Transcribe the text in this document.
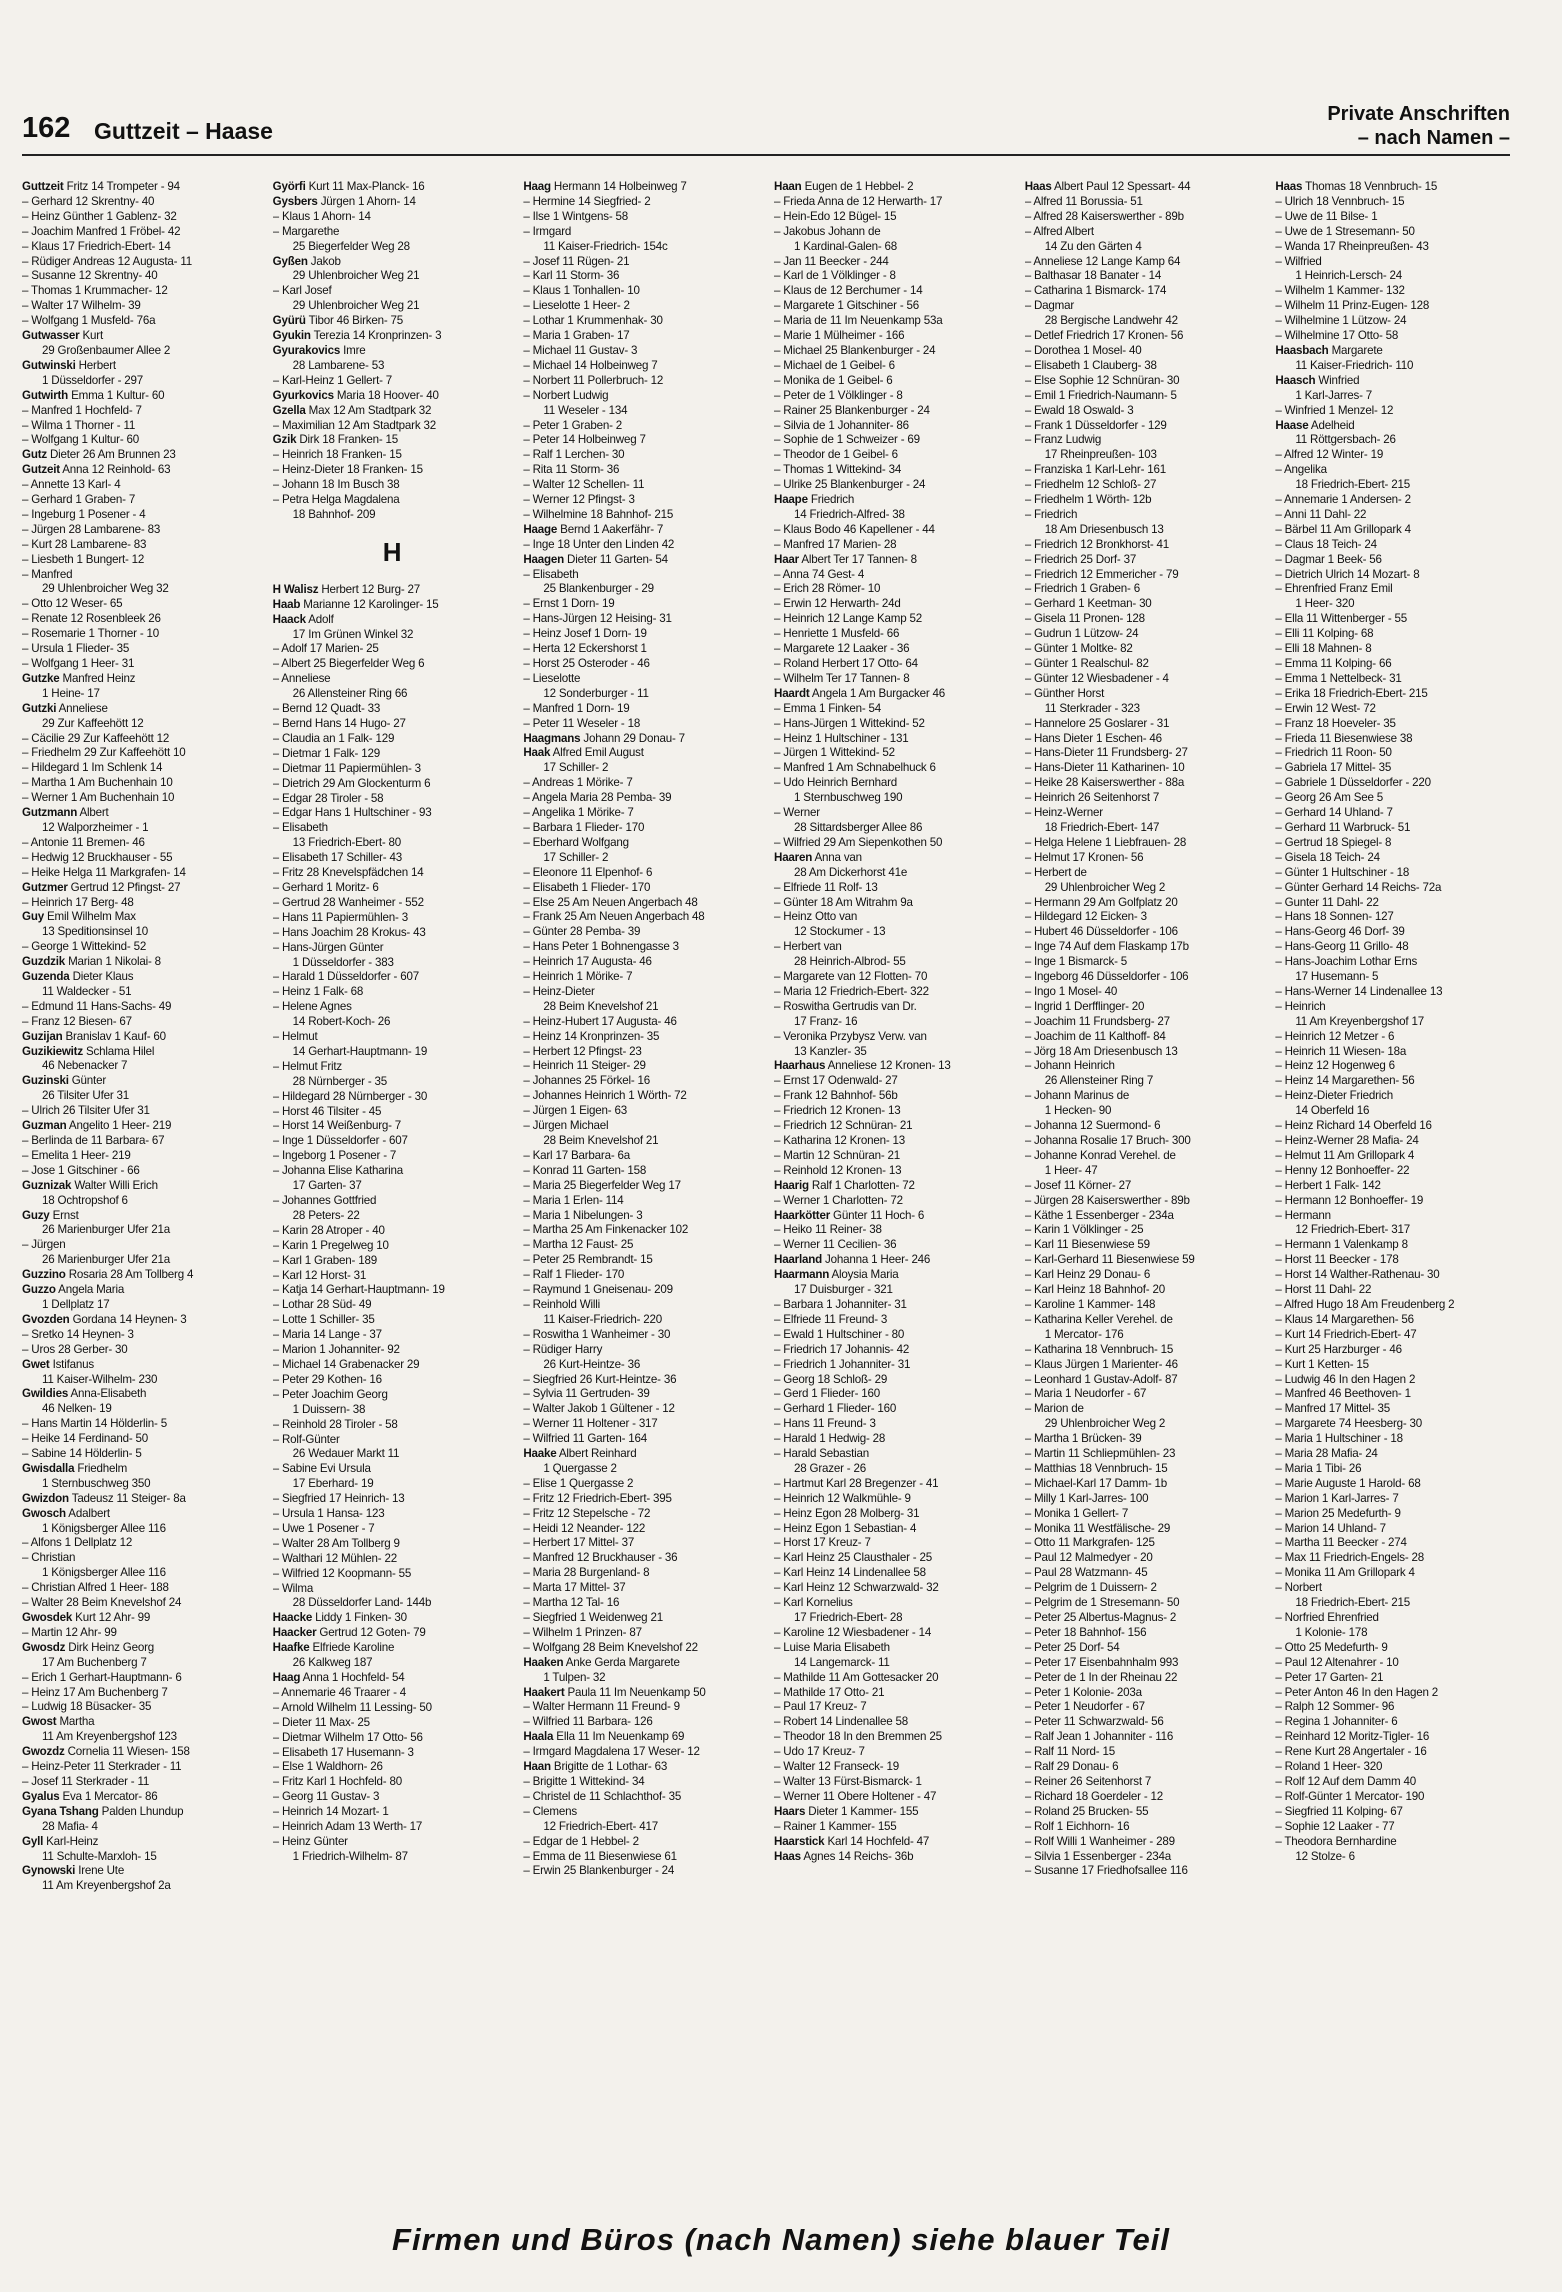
162 Guttzeit – Haase
Private Anschriften
– nach Namen –
Guttzeit Fritz 14 Trompeter - 94
– Gerhard 12 Skrentny- 40
– Heinz Günther 1 Gablenz- 32
– Joachim Manfred 1 Fröbel- 42
– Klaus 17 Friedrich-Ebert- 14
– Rüdiger Andreas 12 Augusta- 11
– Susanne 12 Skrentny- 40
– Thomas 1 Krummacher- 12
– Walter 17 Wilhelm- 39
– Wolfgang 1 Musfeld- 76a
Gutwasser Kurt
29 Großenbaumer Allee 2
Gutwinski Herbert
1 Düsseldorfer - 297
Gutwirth Emma 1 Kultur- 60
– Manfred 1 Hochfeld- 7
– Wilma 1 Thorner - 11
– Wolfgang 1 Kultur- 60
Gutz Dieter 26 Am Brunnen 23
Gutzeit Anna 12 Reinhold- 63
– Annette 13 Karl- 4
– Gerhard 1 Graben- 7
– Ingeburg 1 Posener - 4
– Jürgen 28 Lambarene- 83
– Kurt 28 Lambarene- 83
– Liesbeth 1 Bungert- 12
– Manfred
29 Uhlenbroicher Weg 32
– Otto 12 Weser- 65
– Renate 12 Rosenbleek 26
– Rosemarie 1 Thorner - 10
– Ursula 1 Flieder- 35
– Wolfgang 1 Heer- 31
Gutzke Manfred Heinz
1 Heine- 17
Gutzki Anneliese
29 Zur Kaffeehött 12
– Cäcilie 29 Zur Kaffeehött 12
– Friedhelm 29 Zur Kaffeehött 10
– Hildegard 1 Im Schlenk 14
– Martha 1 Am Buchenhain 10
– Werner 1 Am Buchenhain 10
Gutzmann Albert
12 Walporzheimer - 1
– Antonie 11 Bremen- 46
– Hedwig 12 Bruckhauser - 55
– Heike Helga 11 Markgrafen- 14
Gutzmer Gertrud 12 Pfingst- 27
– Heinrich 17 Berg- 48
Guy Emil Wilhelm Max
13 Speditionsinsel 10
– George 1 Wittekind- 52
Guzdzik Marian 1 Nikolai- 8
Guzenda Dieter Klaus
11 Waldecker - 51
– Edmund 11 Hans-Sachs- 49
– Franz 12 Biesen- 67
Guzijan Branislav 1 Kauf- 60
Guzikiewitz Schlama Hilel
46 Nebenacker 7
Guzinski Günter
26 Tilsiter Ufer 31
– Ulrich 26 Tilsiter Ufer 31
Guzman Angelito 1 Heer- 219
– Berlinda de 11 Barbara- 67
– Emelita 1 Heer- 219
– Jose 1 Gitschiner - 66
Guznizak Walter Willi Erich
18 Ochtropshof 6
Guzy Ernst
26 Marienburger Ufer 21a
– Jürgen
26 Marienburger Ufer 21a
Guzzino Rosaria 28 Am Tollberg 4
Guzzo Angela Maria
1 Dellplatz 17
Gvozden Gordana 14 Heynen- 3
– Sretko 14 Heynen- 3
– Uros 28 Gerber- 30
Gwet Istifanus
11 Kaiser-Wilhelm- 230
Gwildies Anna-Elisabeth
46 Nelken- 19
– Hans Martin 14 Hölderlin- 5
– Heike 14 Ferdinand- 50
– Sabine 14 Hölderlin- 5
Gwisdalla Friedhelm
1 Sternbuschweg 350
Gwizdon Tadeusz 11 Steiger- 8a
Gwosch Adalbert
1 Königsberger Allee 116
– Alfons 1 Dellplatz 12
– Christian
1 Königsberger Allee 116
– Christian Alfred 1 Heer- 188
– Walter 28 Beim Knevelshof 24
Gwosdek Kurt 12 Ahr- 99
– Martin 12 Ahr- 99
Gwosdz Dirk Heinz Georg
17 Am Buchenberg 7
– Erich 1 Gerhart-Hauptmann- 6
– Heinz 17 Am Buchenberg 7
– Ludwig 18 Büsacker- 35
Gwost Martha
11 Am Kreyenbergshof 123
Gwozdz Cornelia 11 Wiesen- 158
– Heinz-Peter 11 Sterkrader - 11
– Josef 11 Sterkrader - 11
Gyalus Eva 1 Mercator- 86
Gyana Tshang Palden Lhundup
28 Mafia- 4
Gyll Karl-Heinz
11 Schulte-Marxloh- 15
Gynowski Irene Ute
11 Am Kreyenbergshof 2a
Györfi Kurt 11 Max-Planck- 16
Gysbers Jürgen 1 Ahorn- 14
– Klaus 1 Ahorn- 14
– Margarethe
25 Biegerfelder Weg 28
Gyßen Jakob
29 Uhlenbroicher Weg 21
– Karl Josef
29 Uhlenbroicher Weg 21
Gyürü Tibor 46 Birken- 75
Gyukin Terezia 14 Kronprinzen- 3
Gyurakovics Imre
28 Lambarene- 53
– Karl-Heinz 1 Gellert- 7
Gyurkovics Maria 18 Hoover- 40
Gzella Max 12 Am Stadtpark 32
– Maximilian 12 Am Stadtpark 32
Gzik Dirk 18 Franken- 15
– Heinrich 18 Franken- 15
– Heinz-Dieter 18 Franken- 15
– Johann 18 Im Busch 38
– Petra Helga Magdalena
18 Bahnhof- 209
H
H Walisz Herbert 12 Burg- 27
Haab Marianne 12 Karolinger- 15
Haack Adolf
17 Im Grünen Winkel 32
– Adolf 17 Marien- 25
– Albert 25 Biegerfelder Weg 6
– Anneliese
26 Allensteiner Ring 66
– Bernd 12 Quadt- 33
– Bernd Hans 14 Hugo- 27
– Claudia an 1 Falk- 129
– Dietmar 1 Falk- 129
– Dietmar 11 Papiermühlen- 3
– Dietrich 29 Am Glockenturm 6
– Edgar 28 Tiroler - 58
– Edgar Hans 1 Hultschiner - 93
– Elisabeth
13 Friedrich-Ebert- 80
– Elisabeth 17 Schiller- 43
– Fritz 28 Knevelspfädchen 14
– Gerhard 1 Moritz- 6
– Gertrud 28 Wanheimer - 552
– Hans 11 Papiermühlen- 3
– Hans Joachim 28 Krokus- 43
– Hans-Jürgen Günter
1 Düsseldorfer - 383
– Harald 1 Düsseldorfer - 607
– Heinz 1 Falk- 68
– Helene Agnes
14 Robert-Koch- 26
– Helmut
14 Gerhart-Hauptmann- 19
– Helmut Fritz
28 Nürnberger - 35
– Hildegard 28 Nürnberger - 30
– Horst 46 Tilsiter - 45
– Horst 14 Weißenburg- 7
– Inge 1 Düsseldorfer - 607
– Ingeborg 1 Posener - 7
– Johanna Elise Katharina
17 Garten- 37
– Johannes Gottfried
28 Peters- 22
– Karin 28 Atroper - 40
– Karin 1 Pregelweg 10
– Karl 1 Graben- 189
– Karl 12 Horst- 31
– Katja 14 Gerhart-Hauptmann- 19
– Lothar 28 Süd- 49
– Lotte 1 Schiller- 35
– Maria 14 Lange - 37
– Marion 1 Johanniter- 92
– Michael 14 Grabenacker 29
– Peter 29 Kothen- 16
– Peter Joachim Georg
1 Duissern- 38
– Reinhold 28 Tiroler - 58
– Rolf-Günter
26 Wedauer Markt 11
– Sabine Evi Ursula
17 Eberhard- 19
– Siegfried 17 Heinrich- 13
– Ursula 1 Hansa- 123
– Uwe 1 Posener - 7
– Walter 28 Am Tollberg 9
– Walthari 12 Mühlen- 22
– Wilfried 12 Koopmann- 55
– Wilma
28 Düsseldorfer Land- 144b
Haacke Liddy 1 Finken- 30
Haacker Gertrud 12 Goten- 79
Haafke Elfriede Karoline
26 Kalkweg 187
Haag Anna 1 Hochfeld- 54
– Annemarie 46 Traarer - 4
– Arnold Wilhelm 11 Lessing- 50
– Dieter 11 Max- 25
– Dietmar Wilhelm 17 Otto- 56
– Elisabeth 17 Husemann- 3
– Else 1 Waldhorn- 26
– Fritz Karl 1 Hochfeld- 80
– Georg 11 Gustav- 3
– Heinrich 14 Mozart- 1
– Heinrich Adam 13 Werth- 17
– Heinz Günter
1 Friedrich-Wilhelm- 87
Haag Hermann 14 Holbeinweg 7
– Hermine 14 Siegfried- 2
– Ilse 1 Wintgens- 58
– Irmgard
11 Kaiser-Friedrich- 154c
– Josef 11 Rügen- 21
– Karl 11 Storm- 36
– Klaus 1 Tonhallen- 10
– Lieselotte 1 Heer- 2
– Lothar 1 Krummenhak- 30
– Maria 1 Graben- 17
– Michael 11 Gustav- 3
– Michael 14 Holbeinweg 7
– Norbert 11 Pollerbruch- 12
– Norbert Ludwig
11 Weseler - 134
– Peter 1 Graben- 2
– Peter 14 Holbeinweg 7
– Ralf 1 Lerchen- 30
– Rita 11 Storm- 36
– Walter 12 Schellen- 11
– Werner 12 Pfingst- 3
– Wilhelmine 18 Bahnhof- 215
Haage Bernd 1 Aakerfähr- 7
– Inge 18 Unter den Linden 42
Haagen Dieter 11 Garten- 54
– Elisabeth
25 Blankenburger - 29
– Ernst 1 Dorn- 19
– Hans-Jürgen 12 Heising- 31
– Heinz Josef 1 Dorn- 19
– Herta 12 Eckershorst 1
– Horst 25 Osteroder - 46
– Lieselotte
12 Sonderburger - 11
– Manfred 1 Dorn- 19
– Peter 11 Weseler - 18
Haagmans Johann 29 Donau- 7
Haak Alfred Emil August
17 Schiller- 2
– Andreas 1 Mörike- 7
– Angela Maria 28 Pemba- 39
– Angelika 1 Mörike- 7
– Barbara 1 Flieder- 170
– Eberhard Wolfgang
17 Schiller- 2
– Eleonore 11 Elpenhof- 6
– Elisabeth 1 Flieder- 170
– Else 25 Am Neuen Angerbach 48
– Frank 25 Am Neuen Angerbach 48
– Günter 28 Pemba- 39
– Hans Peter 1 Bohnengasse 3
– Heinrich 17 Augusta- 46
– Heinrich 1 Mörike- 7
– Heinz-Dieter
28 Beim Knevelshof 21
– Heinz-Hubert 17 Augusta- 46
– Heinz 14 Kronprinzen- 35
– Herbert 12 Pfingst- 23
– Heinrich 11 Steiger- 29
– Johannes 25 Förkel- 16
– Johannes Heinrich 1 Wörth- 72
– Jürgen 1 Eigen- 63
– Jürgen Michael
28 Beim Knevelshof 21
– Karl 17 Barbara- 6a
– Konrad 11 Garten- 158
– Maria 25 Biegerfelder Weg 17
– Maria 1 Erlen- 114
– Maria 1 Nibelungen- 3
– Martha 25 Am Finkenacker 102
– Martha 12 Faust- 25
– Peter 25 Rembrandt- 15
– Ralf 1 Flieder- 170
– Raymund 1 Gneisenau- 209
– Reinhold Willi
11 Kaiser-Friedrich- 220
– Roswitha 1 Wanheimer - 30
– Rüdiger Harry
26 Kurt-Heintze- 36
– Siegfried 26 Kurt-Heintze- 36
– Sylvia 11 Gertruden- 39
– Walter Jakob 1 Gültener - 12
– Werner 11 Holtener - 317
– Wilfried 11 Garten- 164
Haake Albert Reinhard
1 Quergasse 2
– Elise 1 Quergasse 2
– Fritz 12 Friedrich-Ebert- 395
– Fritz 12 Stepelsche - 72
– Heidi 12 Neander- 122
– Herbert 17 Mittel- 37
– Manfred 12 Bruckhauser - 36
– Maria 28 Burgenland- 8
– Marta 17 Mittel- 37
– Martha 12 Tal- 16
– Siegfried 1 Weidenweg 21
– Wilhelm 1 Prinzen- 87
– Wolfgang 28 Beim Knevelshof 22
Haaken Anke Gerda Margarete
1 Tulpen- 32
Haakert Paula 11 Im Neuenkamp 50
– Walter Hermann 11 Freund- 9
– Wilfried 11 Barbara- 126
Haala Ella 11 Im Neuenkamp 69
– Irmgard Magdalena 17 Weser- 12
Haan Brigitte de 1 Lothar- 63
– Brigitte 1 Wittekind- 34
– Christel de 11 Schlachthof- 35
– Clemens
12 Friedrich-Ebert- 417
– Edgar de 1 Hebbel- 2
– Emma de 11 Biesenwiese 61
– Erwin 25 Blankenburger - 24
Haan Eugen de 1 Hebbel- 2
– Frieda Anna de 12 Herwarth- 17
– Hein-Edo 12 Bügel- 15
– Jakobus Johann de
1 Kardinal-Galen- 68
– Jan 11 Beecker - 244
– Karl de 1 Völklinger - 8
– Klaus de 12 Berchumer - 14
– Margarete 1 Gitschiner - 56
– Maria de 11 Im Neuenkamp 53a
– Marie 1 Mülheimer - 166
– Michael 25 Blankenburger - 24
– Michael de 1 Geibel- 6
– Monika de 1 Geibel- 6
– Peter de 1 Völklinger - 8
– Rainer 25 Blankenburger - 24
– Silvia de 1 Johanniter- 86
– Sophie de 1 Schweizer - 69
– Theodor de 1 Geibel- 6
– Thomas 1 Wittekind- 34
– Ulrike 25 Blankenburger - 24
Haape Friedrich
14 Friedrich-Alfred- 38
– Klaus Bodo 46 Kapellener - 44
– Manfred 17 Marien- 28
Haar Albert Ter 17 Tannen- 8
– Anna 74 Gest- 4
– Erich 28 Römer- 10
– Erwin 12 Herwarth- 24d
– Heinrich 12 Lange Kamp 52
– Henriette 1 Musfeld- 66
– Margarete 12 Laaker - 36
– Roland Herbert 17 Otto- 64
– Wilhelm Ter 17 Tannen- 8
Haardt Angela 1 Am Burgacker 46
– Emma 1 Finken- 54
– Hans-Jürgen 1 Wittekind- 52
– Heinz 1 Hultschiner - 131
– Jürgen 1 Wittekind- 52
– Manfred 1 Am Schnabelhuck 6
– Udo Heinrich Bernhard
1 Sternbuschweg 190
– Werner
28 Sittardsberger Allee 86
– Wilfried 29 Am Siepenkothen 50
Haaren Anna van
28 Am Dickerhorst 41e
– Elfriede 11 Rolf- 13
– Günter 18 Am Witrahm 9a
– Heinz Otto van
12 Stockumer - 13
– Herbert van
28 Heinrich-Albrod- 55
– Margarete van 12 Flotten- 70
– Maria 12 Friedrich-Ebert- 322
– Roswitha Gertrudis van Dr.
17 Franz- 16
– Veronika Przybysz Verw. van
13 Kanzler- 35
Haarhaus Anneliese 12 Kronen- 13
– Ernst 17 Odenwald- 27
– Frank 12 Bahnhof- 56b
– Friedrich 12 Kronen- 13
– Friedrich 12 Schnüran- 21
– Katharina 12 Kronen- 13
– Martin 12 Schnüran- 21
– Reinhold 12 Kronen- 13
Haarig Ralf 1 Charlotten- 72
– Werner 1 Charlotten- 72
Haarkötter Günter 11 Hoch- 6
– Heiko 11 Reiner- 38
– Werner 11 Cecilien- 36
Haarland Johanna 1 Heer- 246
Haarmann Aloysia Maria
17 Duisburger - 321
– Barbara 1 Johanniter- 31
– Elfriede 11 Freund- 3
– Ewald 1 Hultschiner - 80
– Friedrich 17 Johannis- 42
– Friedrich 1 Johanniter- 31
– Georg 18 Schloß- 29
– Gerd 1 Flieder- 160
– Gerhard 1 Flieder- 160
– Hans 11 Freund- 3
– Harald 1 Hedwig- 28
– Harald Sebastian
28 Grazer - 26
– Hartmut Karl 28 Bregenzer - 41
– Heinrich 12 Walkmühle- 9
– Heinz Egon 28 Molberg- 31
– Heinz Egon 1 Sebastian- 4
– Horst 17 Kreuz- 7
– Karl Heinz 25 Clausthaler - 25
– Karl Heinz 14 Lindenallee 58
– Karl Heinz 12 Schwarzwald- 32
– Karl Kornelius
17 Friedrich-Ebert- 28
– Karoline 12 Wiesbadener - 14
– Luise Maria Elisabeth
14 Langemarck- 11
– Mathilde 11 Am Gottesacker 20
– Mathilde 17 Otto- 21
– Paul 17 Kreuz- 7
– Robert 14 Lindenallee 58
– Theodor 18 In den Bremmen 25
– Udo 17 Kreuz- 7
– Walter 12 Franseck- 19
– Walter 13 Fürst-Bismarck- 1
– Werner 11 Obere Holtener - 47
Haars Dieter 1 Kammer- 155
– Rainer 1 Kammer- 155
Haarstick Karl 14 Hochfeld- 47
Haas Agnes 14 Reichs- 36b
Haas Albert Paul 12 Spessart- 44
– Alfred 11 Borussia- 51
– Alfred 28 Kaiserswerther - 89b
– Alfred Albert
14 Zu den Gärten 4
– Anneliese 12 Lange Kamp 64
– Balthasar 18 Banater - 14
– Catharina 1 Bismarck- 174
– Dagmar
28 Bergische Landwehr 42
– Detlef Friedrich 17 Kronen- 56
– Dorothea 1 Mosel- 40
– Elisabeth 1 Clauberg- 38
– Else Sophie 12 Schnüran- 30
– Emil 1 Friedrich-Naumann- 5
– Ewald 18 Oswald- 3
– Frank 1 Düsseldorfer - 129
– Franz Ludwig
17 Rheinpreußen- 103
– Franziska 1 Karl-Lehr- 161
– Friedhelm 12 Schloß- 27
– Friedhelm 1 Wörth- 12b
– Friedrich
18 Am Driesenbusch 13
– Friedrich 12 Bronkhorst- 41
– Friedrich 25 Dorf- 37
– Friedrich 12 Emmericher - 79
– Friedrich 1 Graben- 6
– Gerhard 1 Keetman- 30
– Gisela 11 Pronen- 128
– Gudrun 1 Lützow- 24
– Günter 1 Moltke- 82
– Günter 1 Realschul- 82
– Günter 12 Wiesbadener - 4
– Günther Horst
11 Sterkrader - 323
– Hannelore 25 Goslarer - 31
– Hans Dieter 1 Eschen- 46
– Hans-Dieter 11 Frundsberg- 27
– Hans-Dieter 11 Katharinen- 10
– Heike 28 Kaiserswerther - 88a
– Heinrich 26 Seitenhorst 7
– Heinz-Werner
18 Friedrich-Ebert- 147
– Helga Helene 1 Liebfrauen- 28
– Helmut 17 Kronen- 56
– Herbert de
29 Uhlenbroicher Weg 2
– Hermann 29 Am Golfplatz 20
– Hildegard 12 Eicken- 3
– Hubert 46 Düsseldorfer - 106
– Inge 74 Auf dem Flaskamp 17b
– Inge 1 Bismarck- 5
– Ingeborg 46 Düsseldorfer - 106
– Ingo 1 Mosel- 40
– Ingrid 1 Derfflinger- 20
– Joachim 11 Frundsberg- 27
– Joachim de 11 Kalthoff- 84
– Jörg 18 Am Driesenbusch 13
– Johann Heinrich
26 Allensteiner Ring 7
– Johann Marinus de
1 Hecken- 90
– Johanna 12 Suermond- 6
– Johanna Rosalie 17 Bruch- 300
– Johanne Konrad Verehel. de
1 Heer- 47
– Josef 11 Körner- 27
– Jürgen 28 Kaiserswerther - 89b
– Käthe 1 Essenberger - 234a
– Karin 1 Völklinger - 25
– Karl 11 Biesenwiese 59
– Karl-Gerhard 11 Biesenwiese 59
– Karl Heinz 29 Donau- 6
– Karl Heinz 18 Bahnhof- 20
– Karoline 1 Kammer- 148
– Katharina Keller Verehel. de
1 Mercator- 176
– Katharina 18 Vennbruch- 15
– Klaus Jürgen 1 Marienter- 46
– Leonhard 1 Gustav-Adolf- 87
– Maria 1 Neudorfer - 67
– Marion de
29 Uhlenbroicher Weg 2
– Martha 1 Brücken- 39
– Martin 11 Schliepmühlen- 23
– Matthias 18 Vennbruch- 15
– Michael-Karl 17 Damm- 1b
– Milly 1 Karl-Jarres- 100
– Monika 1 Gellert- 7
– Monika 11 Westfälische- 29
– Otto 11 Markgrafen- 125
– Paul 12 Malmedyer - 20
– Paul 28 Watzmann- 45
– Pelgrim de 1 Duissern- 2
– Pelgrim de 1 Stresemann- 50
– Peter 25 Albertus-Magnus- 2
– Peter 18 Bahnhof- 156
– Peter 25 Dorf- 54
– Peter 17 Eisenbahnhalm 993
– Peter de 1 In der Rheinau 22
– Peter 1 Kolonie- 203a
– Peter 1 Neudorfer - 67
– Peter 11 Schwarzwald- 56
– Ralf Jean 1 Johanniter - 116
– Ralf 11 Nord- 15
– Ralf 29 Donau- 6
– Reiner 26 Seitenhorst 7
– Richard 18 Goerdeler - 12
– Roland 25 Brucken- 55
– Rolf 1 Eichhorn- 16
– Rolf Willi 1 Wanheimer - 289
– Silvia 1 Essenberger - 234a
– Susanne 17 Friedhofsallee 116
Haas Thomas 18 Vennbruch- 15
– Ulrich 18 Vennbruch- 15
– Uwe de 11 Bilse- 1
– Uwe de 1 Stresemann- 50
– Wanda 17 Rheinpreußen- 43
– Wilfried
1 Heinrich-Lersch- 24
– Wilhelm 1 Kammer- 132
– Wilhelm 11 Prinz-Eugen- 128
– Wilhelmine 1 Lützow- 24
– Wilhelmine 17 Otto- 58
Haasbach Margarete
11 Kaiser-Friedrich- 110
Haasch Winfried
1 Karl-Jarres- 7
– Winfried 1 Menzel- 12
Haase Adelheid
11 Röttgersbach- 26
– Alfred 12 Winter- 19
– Angelika
18 Friedrich-Ebert- 215
– Annemarie 1 Andersen- 2
– Anni 11 Dahl- 22
– Bärbel 11 Am Grillopark 4
– Claus 18 Teich- 24
– Dagmar 1 Beek- 56
– Dietrich Ulrich 14 Mozart- 8
– Ehrenfried Franz Emil
1 Heer- 320
– Ella 11 Wittenberger - 55
– Elli 11 Kolping- 68
– Elli 18 Mahnen- 8
– Emma 11 Kolping- 66
– Emma 1 Nettelbeck- 31
– Erika 18 Friedrich-Ebert- 215
– Erwin 12 West- 72
– Franz 18 Hoeveler- 35
– Frieda 11 Biesenwiese 38
– Friedrich 11 Roon- 50
– Gabriela 17 Mittel- 35
– Gabriele 1 Düsseldorfer - 220
– Georg 26 Am See 5
– Gerhard 14 Uhland- 7
– Gerhard 11 Warbruck- 51
– Gertrud 18 Spiegel- 8
– Gisela 18 Teich- 24
– Günter 1 Hultschiner - 18
– Günter Gerhard 14 Reichs- 72a
– Gunter 11 Dahl- 22
– Hans 18 Sonnen- 127
– Hans-Georg 46 Dorf- 39
– Hans-Georg 11 Grillo- 48
– Hans-Joachim Lothar Erns
17 Husemann- 5
– Hans-Werner 14 Lindenallee 13
– Heinrich
11 Am Kreyenbergshof 17
– Heinrich 12 Metzer - 6
– Heinrich 11 Wiesen- 18a
– Heinz 12 Hogenweg 6
– Heinz 14 Margarethen- 56
– Heinz-Dieter Friedrich
14 Oberfeld 16
– Heinz Richard 14 Oberfeld 16
– Heinz-Werner 28 Mafia- 24
– Helmut 11 Am Grillopark 4
– Henny 12 Bonhoeffer- 22
– Herbert 1 Falk- 142
– Hermann 12 Bonhoeffer- 19
– Hermann
12 Friedrich-Ebert- 317
– Hermann 1 Valenkamp 8
– Horst 11 Beecker - 178
– Horst 14 Walther-Rathenau- 30
– Horst 11 Dahl- 22
– Alfred Hugo 18 Am Freudenberg 2
– Klaus 14 Margarethen- 56
– Kurt 14 Friedrich-Ebert- 47
– Kurt 25 Harzburger - 46
– Kurt 1 Ketten- 15
– Ludwig 46 In den Hagen 2
– Manfred 46 Beethoven- 1
– Manfred 17 Mittel- 35
– Margarete 74 Heesberg- 30
– Maria 1 Hultschiner - 18
– Maria 28 Mafia- 24
– Maria 1 Tibi- 26
– Marie Auguste 1 Harold- 68
– Marion 1 Karl-Jarres- 7
– Marion 25 Medefurth- 9
– Marion 14 Uhland- 7
– Martha 11 Beecker - 274
– Max 11 Friedrich-Engels- 28
– Monika 11 Am Grillopark 4
– Norbert
18 Friedrich-Ebert- 215
– Norfried Ehrenfried
1 Kolonie- 178
– Otto 25 Medefurth- 9
– Paul 12 Altenahrer - 10
– Peter 17 Garten- 21
– Peter Anton 46 In den Hagen 2
– Ralph 12 Sommer- 96
– Regina 1 Johanniter- 6
– Reinhard 12 Moritz-Tigler- 16
– Rene Kurt 28 Angertaler - 16
– Roland 1 Heer- 320
– Rolf 12 Auf dem Damm 40
– Rolf-Günter 1 Mercator- 190
– Siegfried 11 Kolping- 67
– Sophie 12 Laaker - 77
– Theodora Bernhardine
12 Stolze- 6
Firmen und Büros (nach Namen) siehe blauer Teil
